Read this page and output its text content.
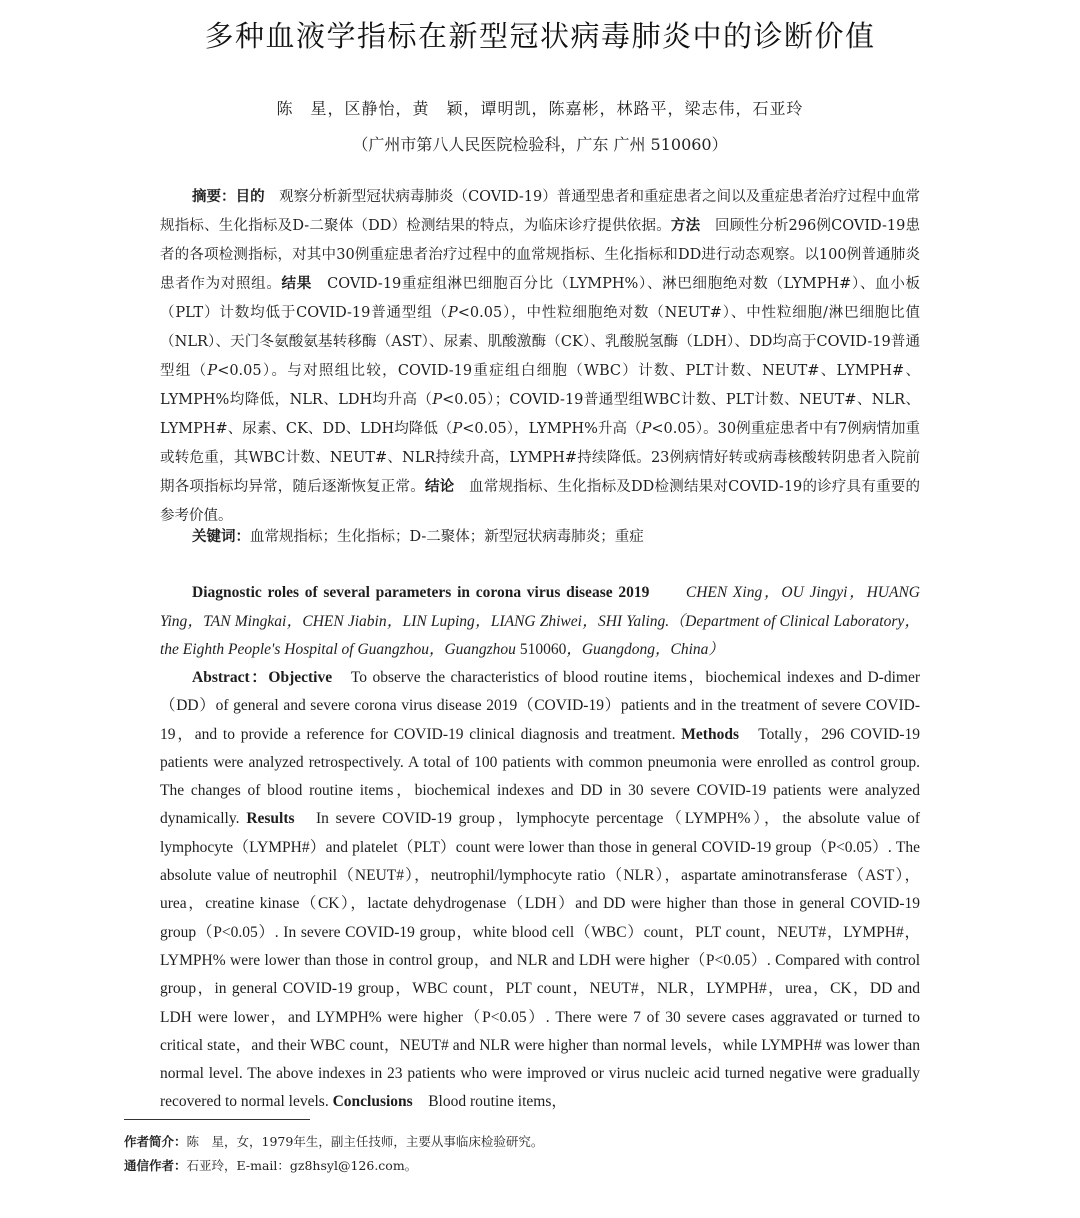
多种血液学指标在新型冠状病毒肺炎中的诊断价值
陈　星，区静怡，黄　颖，谭明凯，陈嘉彬，林路平，梁志伟，石亚玲
（广州市第八人民医院检验科，广东 广州 510060）
摘要：目的　观察分析新型冠状病毒肺炎（COVID-19）普通型患者和重症患者之间以及重症患者治疗过程中血常规指标、生化指标及D-二聚体（DD）检测结果的特点，为临床诊疗提供依据。方法　回顾性分析296例COVID-19患者的各项检测指标，对其中30例重症患者治疗过程中的血常规指标、生化指标和DD进行动态观察。以100例普通肺炎患者作为对照组。结果　COVID-19重症组淋巴细胞百分比（LYMPH%）、淋巴细胞绝对数（LYMPH#）、血小板（PLT）计数均低于COVID-19普通型组（P<0.05），中性粒细胞绝对数（NEUT#）、中性粒细胞/淋巴细胞比值（NLR）、天门冬氨酸氨基转移酶（AST）、尿素、肌酸激酶（CK）、乳酸脱氢酶（LDH）、DD均高于COVID-19普通型组（P<0.05）。与对照组比较，COVID-19重症组白细胞（WBC）计数、PLT计数、NEUT#、LYMPH#、LYMPH%均降低，NLR、LDH均升高（P<0.05）；COVID-19普通型组WBC计数、PLT计数、NEUT#、NLR、LYMPH#、尿素、CK、DD、LDH均降低（P<0.05），LYMPH%升高（P<0.05）。30例重症患者中有7例病情加重或转危重，其WBC计数、NEUT#、NLR持续升高，LYMPH#持续降低。23例病情好转或病毒核酸转阴患者入院前期各项指标均异常，随后逐渐恢复正常。结论　血常规指标、生化指标及DD检测结果对COVID-19的诊疗具有重要的参考价值。
关键词：血常规指标；生化指标；D-二聚体；新型冠状病毒肺炎；重症
Diagnostic roles of several parameters in corona virus disease 2019　　 CHEN Xing，OU Jingyi，HUANG Ying，TAN Mingkai，CHEN Jiabin，LIN Luping，LIANG Zhiwei，SHI Yaling.（Department of Clinical Laboratory，the Eighth People's Hospital of Guangzhou，Guangzhou 510060，Guangdong，China）
Abstract：Objective　To observe the characteristics of blood routine items，biochemical indexes and D-dimer（DD）of general and severe corona virus disease 2019（COVID-19）patients and in the treatment of severe COVID-19，and to provide a reference for COVID-19 clinical diagnosis and treatment. Methods　Totally，296 COVID-19 patients were analyzed retrospectively. A total of 100 patients with common pneumonia were enrolled as control group. The changes of blood routine items，biochemical indexes and DD in 30 severe COVID-19 patients were analyzed dynamically. Results　In severe COVID-19 group，lymphocyte percentage（LYMPH%），the absolute value of lymphocyte（LYMPH#）and platelet（PLT）count were lower than those in general COVID-19 group（P<0.05）. The absolute value of neutrophil（NEUT#），neutrophil/lymphocyte ratio（NLR），aspartate aminotransferase（AST），urea，creatine kinase（CK），lactate dehydrogenase（LDH）and DD were higher than those in general COVID-19 group（P<0.05）. In severe COVID-19 group，white blood cell（WBC）count，PLT count，NEUT#，LYMPH#，LYMPH% were lower than those in control group，and NLR and LDH were higher（P<0.05）. Compared with control group，in general COVID-19 group，WBC count，PLT count，NEUT#，NLR，LYMPH#，urea，CK，DD and LDH were lower，and LYMPH% were higher（P<0.05）. There were 7 of 30 severe cases aggravated or turned to critical state，and their WBC count，NEUT# and NLR were higher than normal levels，while LYMPH# was lower than normal level. The above indexes in 23 patients who were improved or virus nucleic acid turned negative were gradually recovered to normal levels. Conclusions　Blood routine items，
作者简介：陈　星，女，1979年生，副主任技师，主要从事临床检验研究。
通信作者：石亚玲，E-mail：gz8hsyl@126.com。
